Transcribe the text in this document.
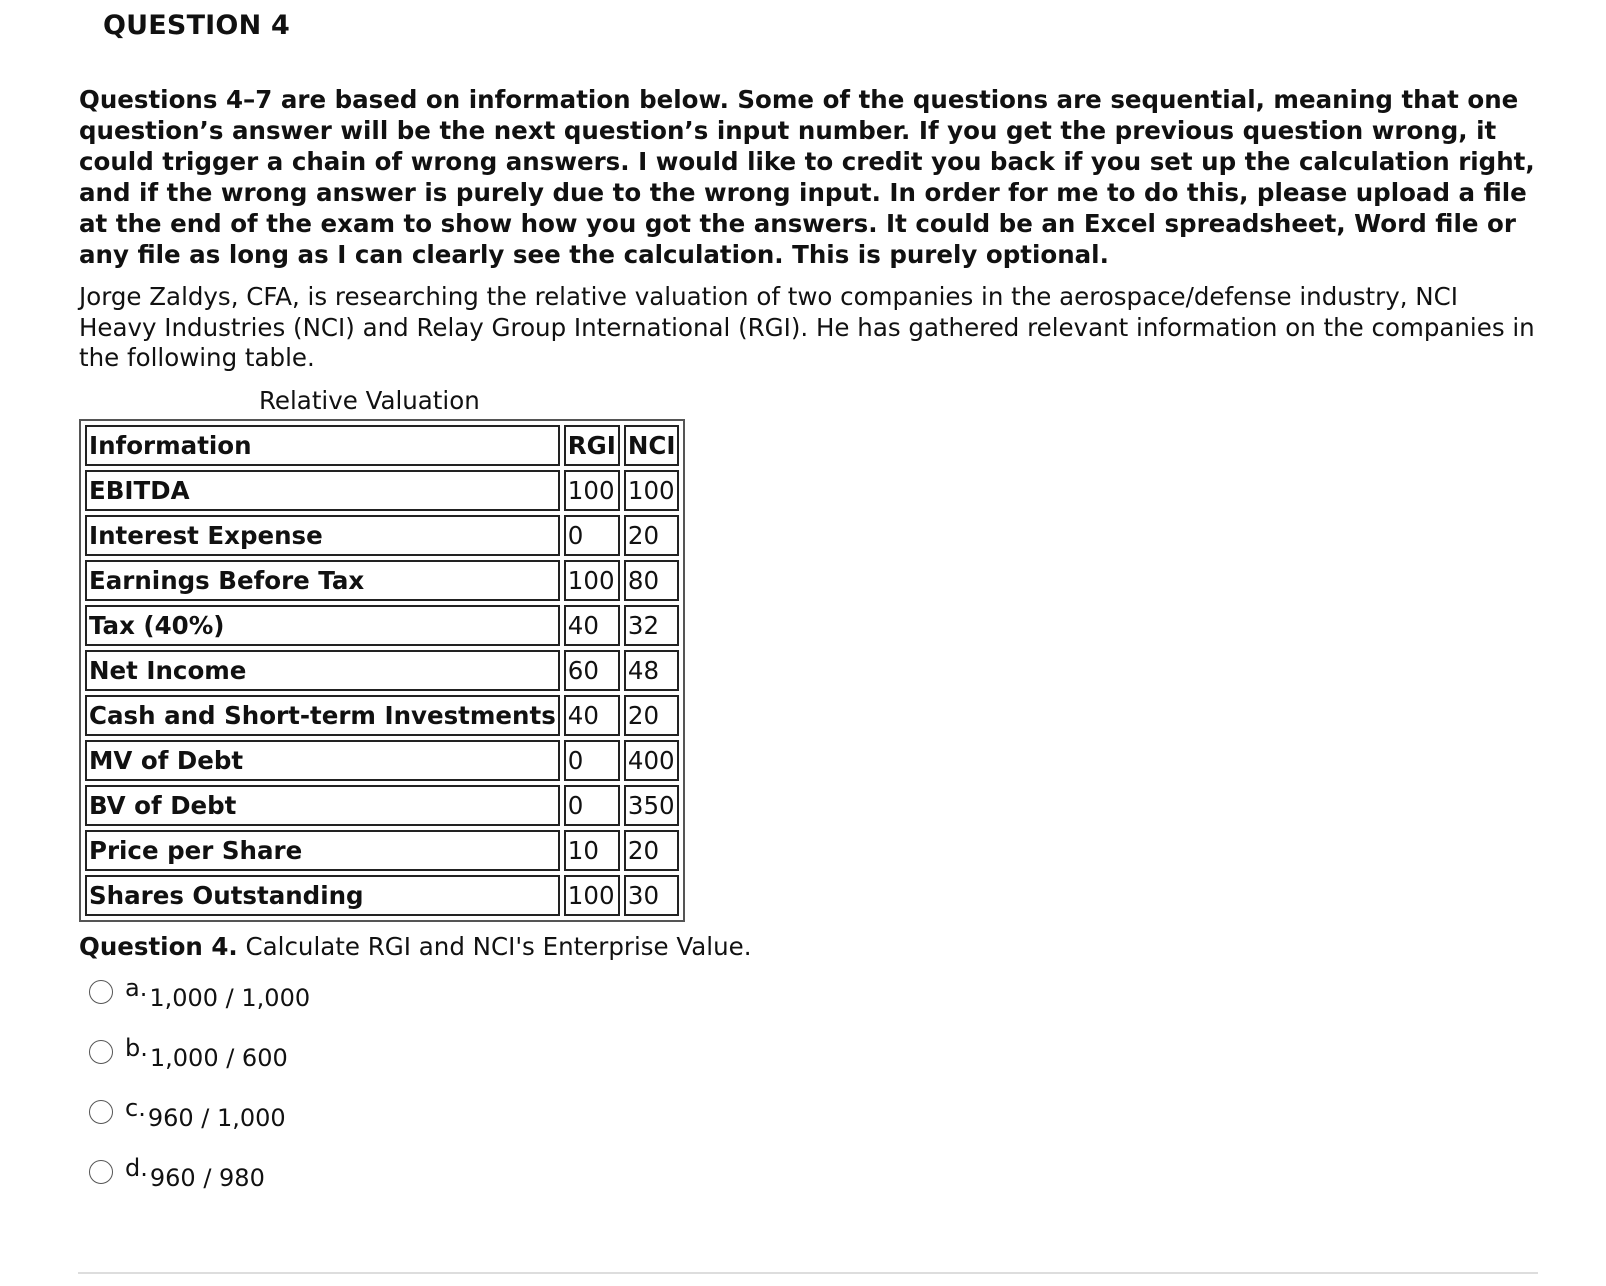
QUESTION 4

Questions 4–7 are based on information below. Some of the questions are sequential, meaning that one question’s answer will be the next question’s input number. If you get the previous question wrong, it could trigger a chain of wrong answers. I would like to credit you back if you set up the calculation right, and if the wrong answer is purely due to the wrong input. In order for me to do this, please upload a file at the end of the exam to show how you got the answers. It could be an Excel spreadsheet, Word file or any file as long as I can clearly see the calculation. This is purely optional.

Jorge Zaldys, CFA, is researching the relative valuation of two companies in the aerospace/defense industry, NCI Heavy Industries (NCI) and Relay Group International (RGI). He has gathered relevant information on the companies in the following table.

Relative Valuation
Information	RGI	NCI
EBITDA	100	100
Interest Expense	0	20
Earnings Before Tax	100	80
Tax (40%)	40	32
Net Income	60	48
Cash and Short-term Investments	40	20
MV of Debt	0	400
BV of Debt	0	350
Price per Share	10	20
Shares Outstanding	100	30

Question 4. Calculate RGI and NCI's Enterprise Value.

a. 1,000 / 1,000
b. 1,000 / 600
c. 960 / 1,000
d. 960 / 980
